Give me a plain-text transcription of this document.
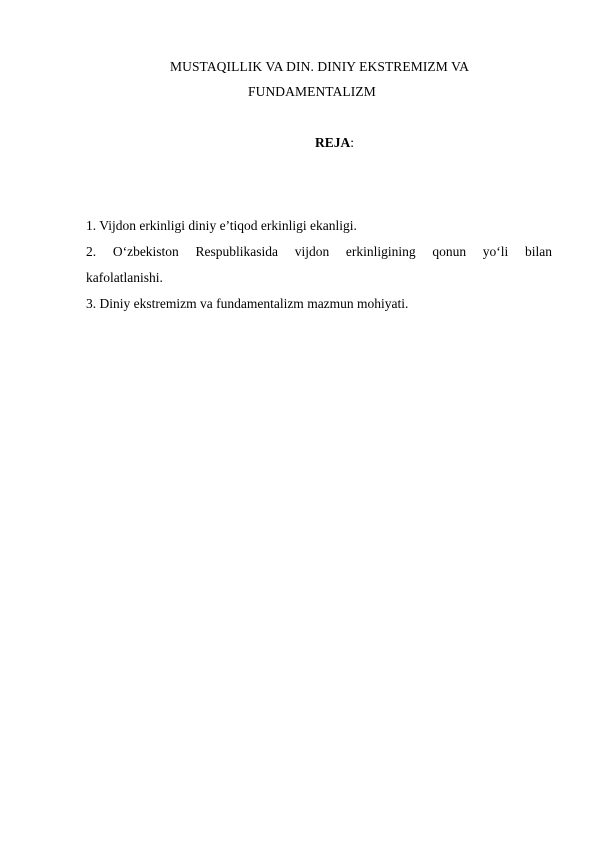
MUSTAQILLIK VA DIN. DINIY EKSTREMIZM VA
FUNDAMENTALIZM
REJA:

1. Vijdon erkinligi diniy e’tiqod erkinligi ekanligi.

2. O‘zbekiston Respublikasida vijdon erkinligining qonun yo‘li bilan
kafolatlanishi.

3. Diniy ekstremizm va fundamentalizm mazmun mohiyati.
